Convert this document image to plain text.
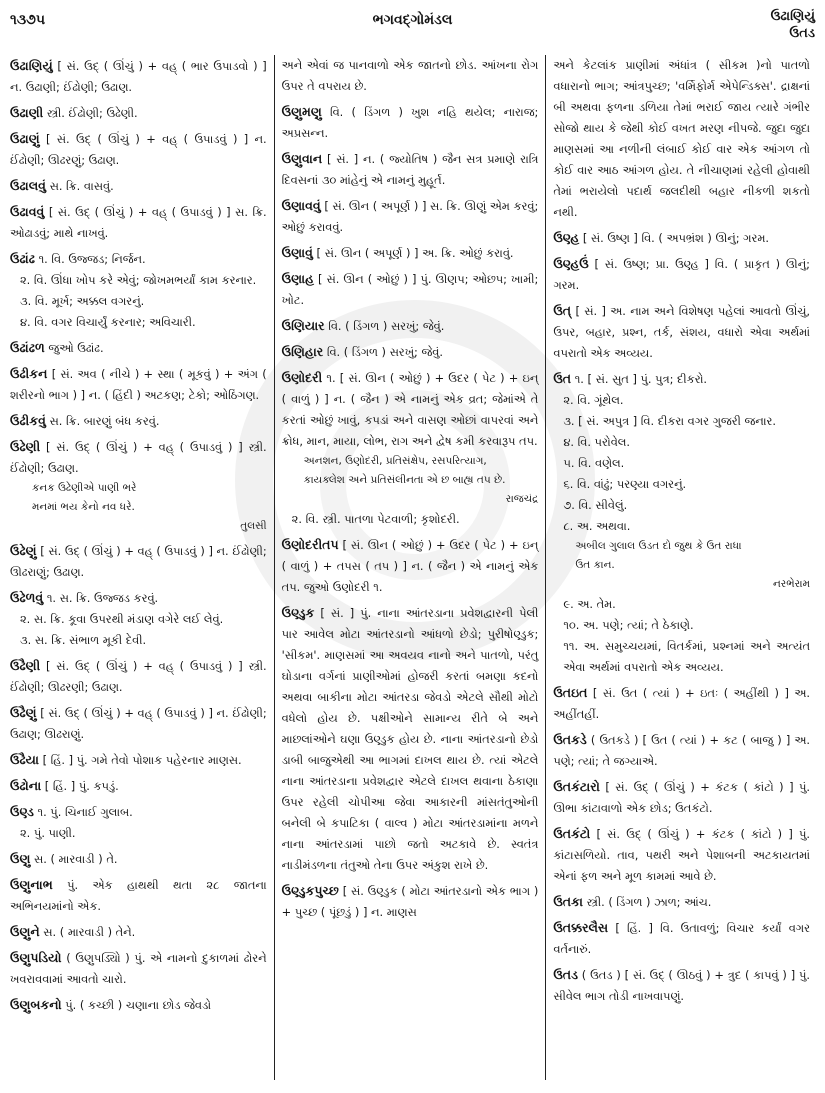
૧૩૭૫	ભગવદ્ગોમંડલ	ઉઢાણિયું
ઉતડ
ઉઢાણિયું [ સં. ઉદ્ ( ઊંચું ) + વહ્ ( ભાર ઉપાડવો ) ] ન. ઉઢાણી; ઈંઢોણી; ઉઢાણ.
ઉઢાણી સ્ત્રી. ઈંઢોણી; ઉઢેણી.
ઉઢાણું [ સં. ઉદ્ ( ઊંચું ) + વહ્ ( ઉપાડવું ) ] ન. ઈંઢોણી; ઊઢરણું; ઉઢાણ.
ઉઢાલવું સ. ક્રિ. વાસવું.
ઉઢાવવું [ સં. ઉદ્ ( ઊંચું ) + વહ્ ( ઉપાડવું ) ] સ. ક્રિ. ઓઢાડવું; માથે નાખવું.
ઉઢાંઢ ૧. વિ. ઉજ્જડ; નિર્જન.
૨. વિ. ઊંધા ખોપ કરે એવું; જોખમભર્યાં કામ કરનાર.
૩. વિ. મૂર્ખ; અક્કલ વગરનું.
૪. વિ. વગર વિચાર્યું કરનાર; અવિચારી.
ઉઢાંઢળ જુઓ ઉઢાંઢ.
ઉઢીકન [ સં. અવ ( નીચે ) + સ્થા ( મૂકવું ) + અંગ ( શરીરનો ભાગ ) ] ન. ( હિંદી ) અટકણ; ટેકો; ઓઠિંગણ.
ઉઢીકવું સ. ક્રિ. બારણું બંધ કરવું.
ઉઢેણી [ સં. ઉદ્ ( ઊંચું ) + વહ્ ( ઉપાડવું ) ] સ્ત્રી. ઈંઢોણી; ઉઢાણ.
કનક ઉઢેણીએ પાણી ભરે
મનમાં ભય કેનો નવ ધરે.
તુલસી
ઉઢેણું [ સં. ઉદ્ ( ઊંચું ) + વહ્ ( ઉપાડવું ) ] ન. ઈંઢોણી; ઊઢરાણું; ઉઢાણ.
ઉઢેળવું ૧. સ. ક્રિ. ઉજ્જડ કરવું.
૨. સ. ક્રિ. કૂવા ઉપરથી મંડાણ વગેરે લઈ લેવું.
૩. સ. ક્રિ. સંભાળ મૂકી દેવી.
ઉઢૈણી [ સં. ઉદ્ ( ઊંચું ) + વહ્ ( ઉપાડવું ) ] સ્ત્રી. ઈંઢોણી; ઊઢરણી; ઉઢાણ.
ઉઢૈણું [ સં. ઉદ્ ( ઊંચું ) + વહ્ ( ઉપાડવું ) ] ન. ઈંઢોણી; ઉઢાણ; ઊઢરાણું.
ઉઢૈયા [ હિં. ] પું. ગમે તેવો પોશાક પહેરનાર માણસ.
ઉઢોના [ હિં. ] પું. કપડું.
ઉણ્ડ ૧. પું. ચિનાઈ ગુલાબ.
૨. પું. પાણી.
ઉણુ સ. ( મારવાડી ) તે.
ઉણુનાભ પું. એક હાથથી થતા ૨૮ જાતના અભિનયમાંનો એક.
ઉણુને સ. ( મારવાડી ) તેને.
ઉણુપડિયો ( ઉણુપડ્યિો ) પું. એ નામનો દુકાળમાં ઢોરને ખવરાવવામાં આવતો ચારો.
ઉણુબકનો પું. ( કચ્છી ) ચણાના છોડ જેવડો
અને એવાં જ પાનવાળો એક જાતનો છોડ. આંખના રોગ ઉપર તે વપરાય છે.
ઉણુમણુ વિ. ( ડિંગળ ) ખુશ નહિ થયેલ; નારાજ; અપ્રસન્ન.
ઉણુવાન [ સં. ] ન. ( જ્યોતિષ ) જૈન સત્ર પ્રમાણે રાત્રિ દિવસનાં ૩૦ માંહેનું એ નામનું મુહૂર્ત.
ઉણાવવું [ સં. ઊન ( અપૂર્ણ ) ] સ. ક્રિ. ઊણું એમ કરવું; ઓછું કરાવવું.
ઉણાવું [ સં. ઊન ( અપૂર્ણ ) ] અ. ક્રિ. ઓછું કરાવું.
ઉણાહ [ સં. ઊન ( ઓછું ) ] પું. ઊણપ; ઓછપ; ખામી; ખોટ.
ઉણિયાર વિ. ( ડિંગળ ) સરખું; જેવું.
ઉણિહાર વિ. ( ડિંગળ ) સરખું; જેવું.
ઉણોદરી ૧. [ સં. ઊન ( ઓછું ) + ઉદર ( પેટ ) + ઇન્ ( વાળું ) ] ન. ( જૈન ) એ નામનું એક વ્રત; જેમાંએ તે કરતાં ઓછું ખાવું, કપડાં અને વાસણ ઓછાં વાપરવાં અને ક્રોધ, માન, માયા, લોભ, રાગ અને દ્વેષ કમી કરવારૂપ તપ.
અનશન, ઉણોદરી, પ્રતિસંક્ષેપ, રસપરિત્યાગ,
કાયક્લેશ અને પ્રતિસંલીનતા એ છ બાહ્ય તપ છે.
રાજચંદ્ર
૨. વિ. સ્ત્રી. પાતળા પેટવાળી; કૃશોદરી.
ઉણોદરીતપ [ સં. ઊન ( ઓછું ) + ઉદર ( પેટ ) + ઇન્ ( વાળું ) + તપસ ( તપ ) ] ન. ( જૈન ) એ નામનું એક તપ. જુઓ ઉણોદરી ૧.
ઉણ્ડુક [ સં. ] પું. નાના આંતરડાના પ્રવેશદ્વારની પેલી પાર આવેલ મોટા આંતરડાનો આંધળો છેડો; પુરીષોણ્ડુક; 'સીકમ'. માણસમાં આ અવયવ નાનો અને પાતળો, પરંતુ ઘોડાના વર્ગનાં પ્રાણીઓમાં હોજરી કરતાં બમણા કદનો અથવા બાકીના મોટા આંતરડા જેવડો એટલે સૌથી મોટો વધેલો હોય છે. પક્ષીઓને સામાન્ય રીતે બે અને માછલાંઓને ઘણા ઉણ્ડુક હોય છે. નાના આંતરડાનો છેડો ડાબી બાજુએથી આ ભાગમાં દાખલ થાય છે. ત્યાં એટલે નાના આંતરડાના પ્રવેશદ્વાર એટલે દાખલ થવાના ઠેકાણા ઉપર રહેલી ચોપીઆ જેવા આકારની માંસતંતુઓની બનેલી બે કપાટિકા ( વાલ્વ ) મોટા આંતરડામાંના મળને નાના આંતરડામાં પાછો જતો અટકાવે છે. સ્વતંત્ર નાડીમંડળના તંતુઓ તેના ઉપર અંકુશ રાખે છે.
ઉણ્ડુકપુચ્છ [ સં. ઉણ્ડુક ( મોટા આંતરડાનો એક ભાગ ) + પુચ્છ ( પૂંછડું ) ] ન. માણસ
અને કેટલાંક પ્રાણીમાં અંધાંત્ર ( સીકમ )નો પાતળો વધારાનો ભાગ; આંત્રપુચ્છ; 'વર્મિફોર્મ એપેન્ડિક્સ'. દ્રાક્ષનાં બી અથવા ફળના ડળિયા તેમાં ભરાઈ જાય ત્યારે ગંભીર સોજો થાય કે જેથી કોઈ વખત મરણ નીપજે. જુદા જુદા માણસમાં આ નળીની લંબાઈ કોઈ વાર એક આંગળ તો કોઈ વાર આઠ આંગળ હોય. તે નીચાણમાં રહેલી હોવાથી તેમાં ભરાયેલો પદાર્થ જલદીથી બહાર નીકળી શકતો નથી.
ઉણ્હ [ સં. ઉષ્ણ ] વિ. ( અપભ્રંશ ) ઊનું; ગરમ.
ઉણ્હઉં [ સં. ઉષ્ણ; પ્રા. ઉણ્હ ] વિ. ( પ્રાકૃત ) ઊનું; ગરમ.
ઉત્ [ સં. ] અ. નામ અને વિશેષણ પહેલાં આવતો ઊંચું, ઉપર, બહાર, પ્રશ્ન, તર્ક, સંશય, વધારો એવા અર્થમાં વપરાતો એક અવ્યય.
ઉત ૧. [ સં. સુત ] પું. પુત્ર; દીકરો.
૨. વિ. ગૂંથેલ.
૩. [ સં. અપુત્ર ] વિ. દીકરા વગર ગુજરી જનાર.
૪. વિ. પરોવેલ.
૫. વિ. વણેલ.
૬. વિ. વાંઢું; પરણ્યા વગરનું.
૭. વિ. સીવેલું.
૮. અ. અથવા.
અબીલ ગુલાલ ઉડત દો જુથ કે ઉત રાધા
ઉત કાન.
નરભેરામ
૯. અ. તેમ.
૧૦. અ. પણે; ત્યાં; તે ઠેકાણે.
૧૧. અ. સમુચ્ચયમાં, વિતર્કમાં, પ્રશ્નમાં અને અત્યંત એવા અર્થમાં વપરાતો એક અવ્યય.
ઉતઇત [ સં. ઉત ( ત્યાં ) + ઇતઃ ( અહીંથી ) ] અ. અહીંતહીં.
ઉતકડે ( ઉતકડે ) [ ઉત ( ત્યાં ) + કટ ( બાજુ ) ] અ. પણે; ત્યાં; તે જગ્યાએ.
ઉતકંટારો [ સં. ઉદ્ ( ઊંચું ) + કંટક ( કાંટો ) ] પું. ઊભા કાંટાવાળો એક છોડ; ઉતકંટો.
ઉતકંટો [ સં. ઉદ્ ( ઊંચું ) + કંટક ( કાંટો ) ] પું. કાંટાસળિયો. તાવ, પથરી અને પેશાબની અટકાયતમાં એનાં ફળ અને મૂળ કામમાં આવે છે.
ઉતકા સ્ત્રી. ( ડિંગળ ) ઝાળ; આંચ.
ઉતક્કરલૈસ [ હિં. ] વિ. ઉતાવળું; વિચાર કર્યાં વગર વર્તનારું.
ઉતડ ( ઉતડ ) [ સં. ઉદ્ ( ઊઠવું ) + ત્રુદ ( કાપવું ) ] પું. સીવેલ ભાગ તોડી નાખવાપણું.
